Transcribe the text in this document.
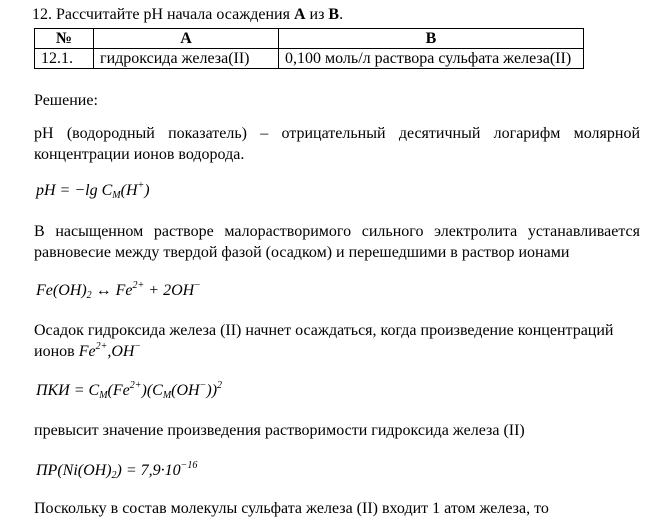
12. Рассчитайте рН начала осаждения А из В.
№	А	В
12.1.	гидроксида железа(II)	0,100 моль/л раствора сульфата железа(II)
Решение:
pH (водородный показатель) – отрицательный десятичный логарифм молярной концентрации ионов водорода.
pH = −lg $C_M(H^+)$
В насыщенном растворе малорастворимого сильного электролита устанавливается равновесие между твердой фазой (осадком) и перешедшими в раствор ионами
$Fe(OH)_2$ ↔ $Fe^{2+} + 2OH^-$
Осадок гидроксида железа (II) начнет осаждаться, когда произведение концентраций
ионов $Fe^{2+},OH^-$
ПКИ = $C_M(Fe^{2+})(C_M(OH^-))^2$
превысит значение произведения растворимости гидроксида железа (II)
$ПР(Ni(OH)_2) = 7,9\cdot 10^{-16}$
Поскольку в состав молекулы сульфата железа (II) входит 1 атом железа, то
